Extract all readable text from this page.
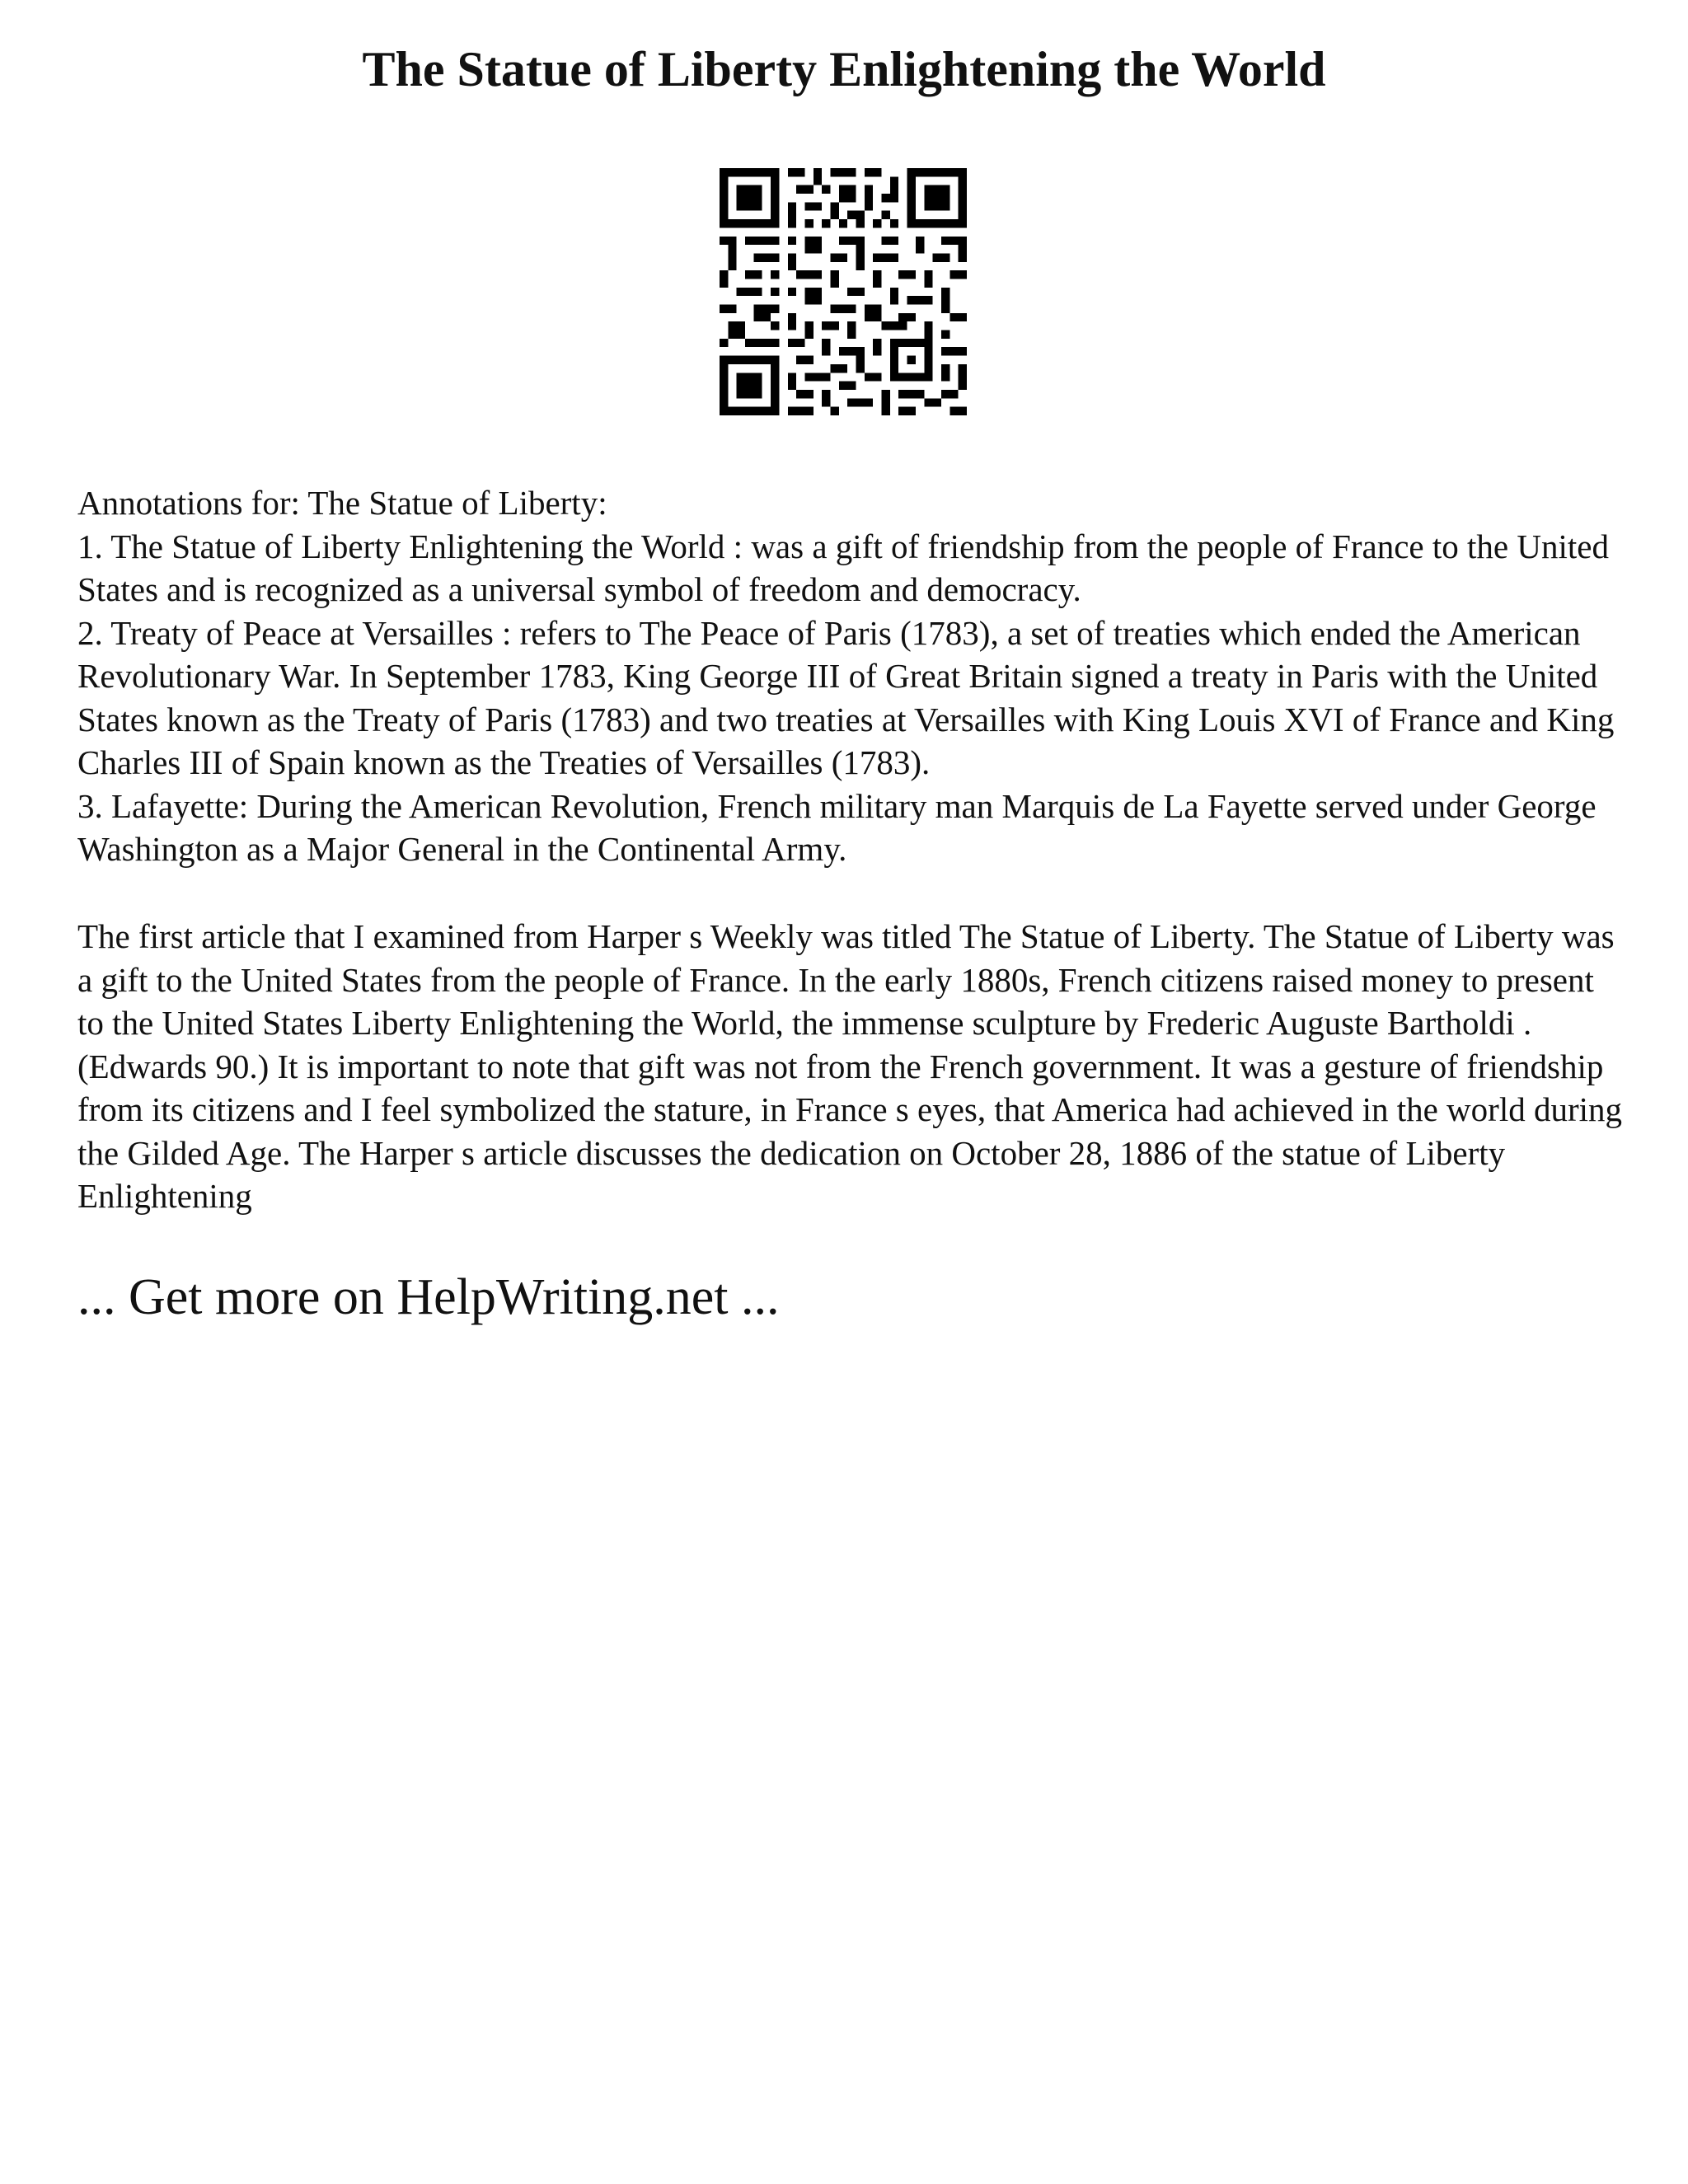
The Statue of Liberty Enlightening the World
Annotations for: The Statue of Liberty:
1. The Statue of Liberty Enlightening the World : was a gift of friendship from the people of France to the United States and is recognized as a universal symbol of freedom and democracy.
2. Treaty of Peace at Versailles : refers to The Peace of Paris (1783), a set of treaties which ended the American Revolutionary War. In September 1783, King George III of Great Britain signed a treaty in Paris with the United States known as the Treaty of Paris (1783) and two treaties at Versailles with King Louis XVI of France and King Charles III of Spain known as the Treaties of Versailles (1783).
3. Lafayette: During the American Revolution, French military man Marquis de La Fayette served under George Washington as a Major General in the Continental Army.

The first article that I examined from Harper s Weekly was titled The Statue of Liberty. The Statue of Liberty was a gift to the United States from the people of France. In the early 1880s, French citizens raised money to present to the United States Liberty Enlightening the World, the immense sculpture by Frederic Auguste Bartholdi . (Edwards 90.) It is important to note that gift was not from the French government. It was a gesture of friendship from its citizens and I feel symbolized the stature, in France s eyes, that America had achieved in the world during the Gilded Age. The Harper s article discusses the dedication on October 28, 1886 of the statue of Liberty Enlightening

... Get more on HelpWriting.net ...
